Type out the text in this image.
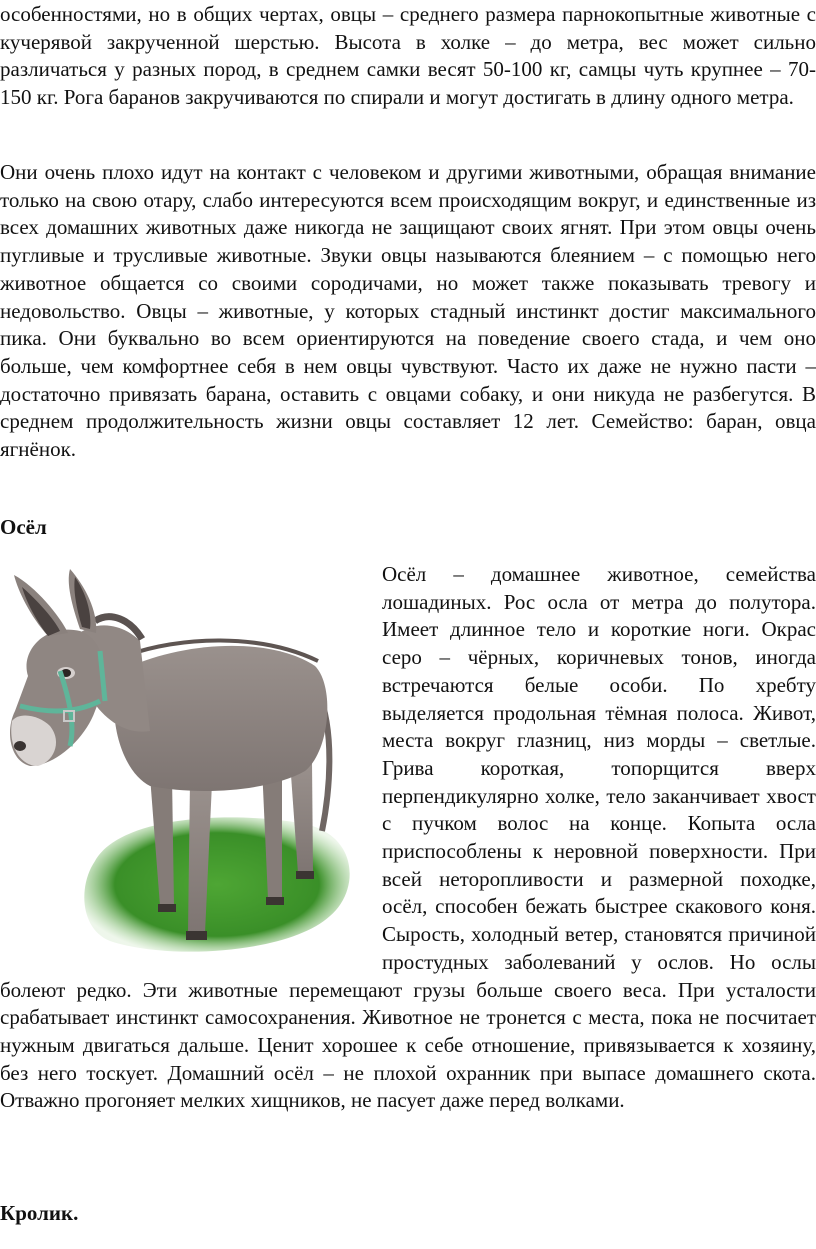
особенностями, но в общих чертах, овцы – среднего размера парнокопытные животные с кучерявой закрученной шерстью. Высота в холке – до метра, вес может сильно различаться у разных пород, в среднем самки весят 50-100 кг, самцы чуть крупнее – 70-150 кг. Рога баранов закручиваются по спирали и могут достигать в длину одного метра.

Они очень плохо идут на контакт с человеком и другими животными, обращая внимание только на свою отару, слабо интересуются всем происходящим вокруг, и единственные из всех домашних животных даже никогда не защищают своих ягнят. При этом овцы очень пугливые и трусливые животные. Звуки овцы называются блеянием – с помощью него животное общается со своими сородичами, но может также показывать тревогу и недовольство. Овцы – животные, у которых стадный инстинкт достиг максимального пика. Они буквально во всем ориентируются на поведение своего стада, и чем оно больше, чем комфортнее себя в нем овцы чувствуют. Часто их даже не нужно пасти – достаточно привязать барана, оставить с овцами собаку, и они никуда не разбегутся. В среднем продолжительность жизни овцы составляет 12 лет. Семейство: баран, овца ягнёнок.

Осёл

Осёл – домашнее животное, семейства лошадиных. Рос осла от метра до полутора. Имеет длинное тело и короткие ноги. Окрас серо – чёрных, коричневых тонов, иногда встречаются белые особи. По хребту выделяется продольная тёмная полоса. Живот, места вокруг глазниц, низ морды – светлые. Грива короткая, топорщится вверх перпендикулярно холке, тело заканчивает хвост с пучком волос на конце. Копыта осла приспособлены к неровной поверхности. При всей неторопливости и размерной походке, осёл, способен бежать быстрее скакового коня. Сырость, холодный ветер, становятся причиной простудных заболеваний у ослов. Но ослы болеют редко. Эти животные перемещают грузы больше своего веса. При усталости срабатывает инстинкт самосохранения. Животное не тронется с места, пока не посчитает нужным двигаться дальше. Ценит хорошее к себе отношение, привязывается к хозяину, без него тоскует. Домашний осёл – не плохой охранник при выпасе домашнего скота. Отважно прогоняет мелких хищников, не пасует даже перед волками.

Кролик.
